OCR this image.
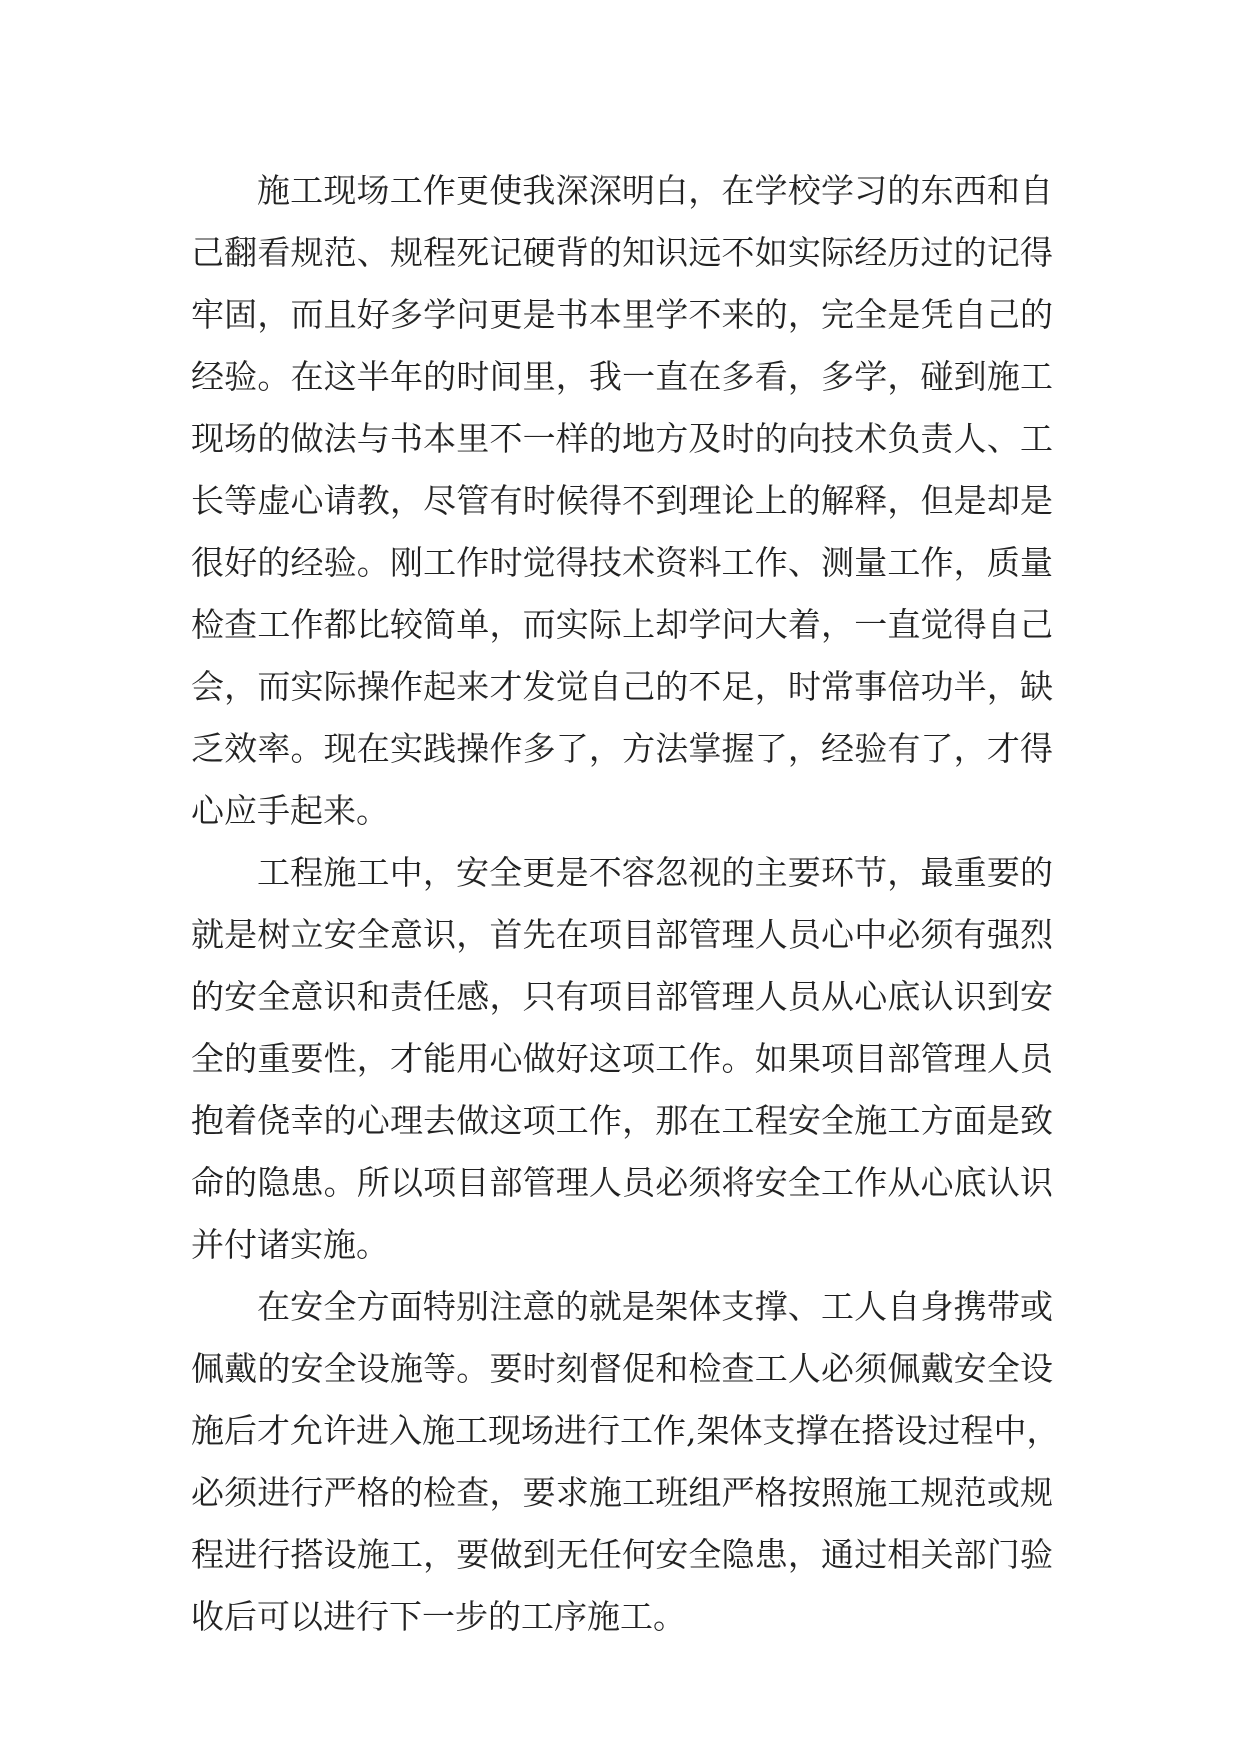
施工现场工作更使我深深明白，在学校学习的东西和自
己翻看规范、规程死记硬背的知识远不如实际经历过的记得
牢固，而且好多学问更是书本里学不来的，完全是凭自己的
经验。在这半年的时间里，我一直在多看，多学，碰到施工
现场的做法与书本里不一样的地方及时的向技术负责人、工
长等虚心请教，尽管有时候得不到理论上的解释，但是却是
很好的经验。刚工作时觉得技术资料工作、测量工作，质量
检查工作都比较简单，而实际上却学问大着，一直觉得自己
会，而实际操作起来才发觉自己的不足，时常事倍功半，缺
乏效率。现在实践操作多了，方法掌握了，经验有了，才得
心应手起来。
工程施工中，安全更是不容忽视的主要环节，最重要的
就是树立安全意识，首先在项目部管理人员心中必须有强烈
的安全意识和责任感，只有项目部管理人员从心底认识到安
全的重要性，才能用心做好这项工作。如果项目部管理人员
抱着侥幸的心理去做这项工作，那在工程安全施工方面是致
命的隐患。所以项目部管理人员必须将安全工作从心底认识
并付诸实施。
在安全方面特别注意的就是架体支撑、工人自身携带或
佩戴的安全设施等。要时刻督促和检查工人必须佩戴安全设
施后才允许进入施工现场进行工作,架体支撑在搭设过程中，
必须进行严格的检查，要求施工班组严格按照施工规范或规
程进行搭设施工，要做到无任何安全隐患，通过相关部门验
收后可以进行下一步的工序施工。
